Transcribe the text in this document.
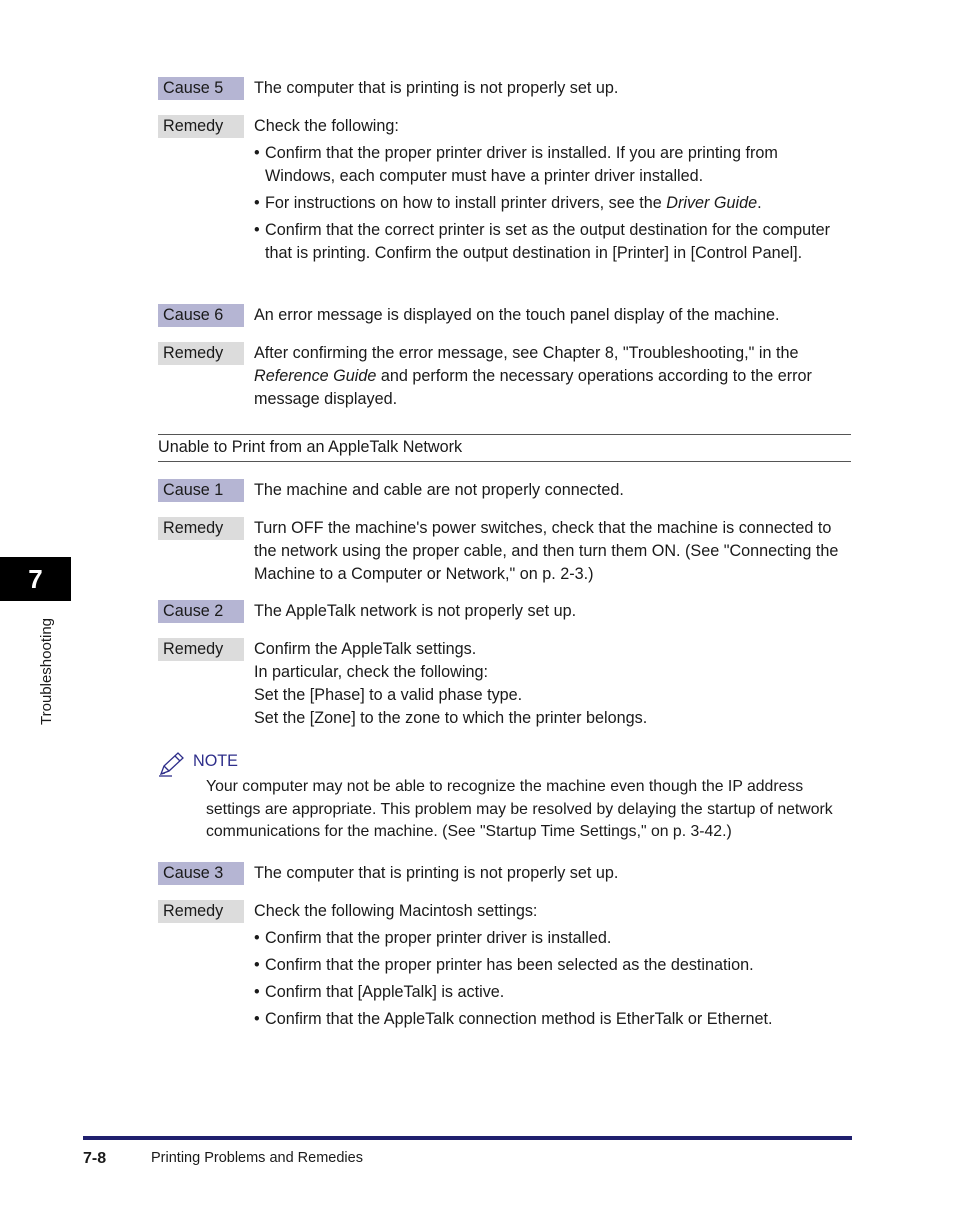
7
Troubleshooting
Cause 5	The computer that is printing is not properly set up.

Remedy	Check the following:

• Confirm that the proper printer driver is installed. If you are printing from Windows, each computer must have a printer driver installed.
• For instructions on how to install printer drivers, see the Driver Guide.
• Confirm that the correct printer is set as the output destination for the computer that is printing. Confirm the output destination in [Printer] in [Control Panel].
Cause 6	An error message is displayed on the touch panel display of the machine.

Remedy	After confirming the error message, see Chapter 8, "Troubleshooting," in the Reference Guide and perform the necessary operations according to the error message displayed.

Unable to Print from an AppleTalk Network
Cause 1	The machine and cable are not properly connected.

Remedy	Turn OFF the machine's power switches, check that the machine is connected to the network using the proper cable, and then turn them ON. (See "Connecting the Machine to a Computer or Network," on p. 2-3.)

Cause 2	The AppleTalk network is not properly set up.

Remedy	Confirm the AppleTalk settings.

In particular, check the following:

Set the [Phase] to a valid phase type.

Set the [Zone] to the zone to which the printer belongs.

NOTE
Your computer may not be able to recognize the machine even though the IP address settings are appropriate. This problem may be resolved by delaying the startup of network communications for the machine. (See "Startup Time Settings," on p. 3-42.)
Cause 3	The computer that is printing is not properly set up.

Remedy	Check the following Macintosh settings:

• Confirm that the proper printer driver is installed.
• Confirm that the proper printer has been selected as the destination.
• Confirm that [AppleTalk] is active.
• Confirm that the AppleTalk connection method is EtherTalk or Ethernet.
7-8	Printing Problems and Remedies
